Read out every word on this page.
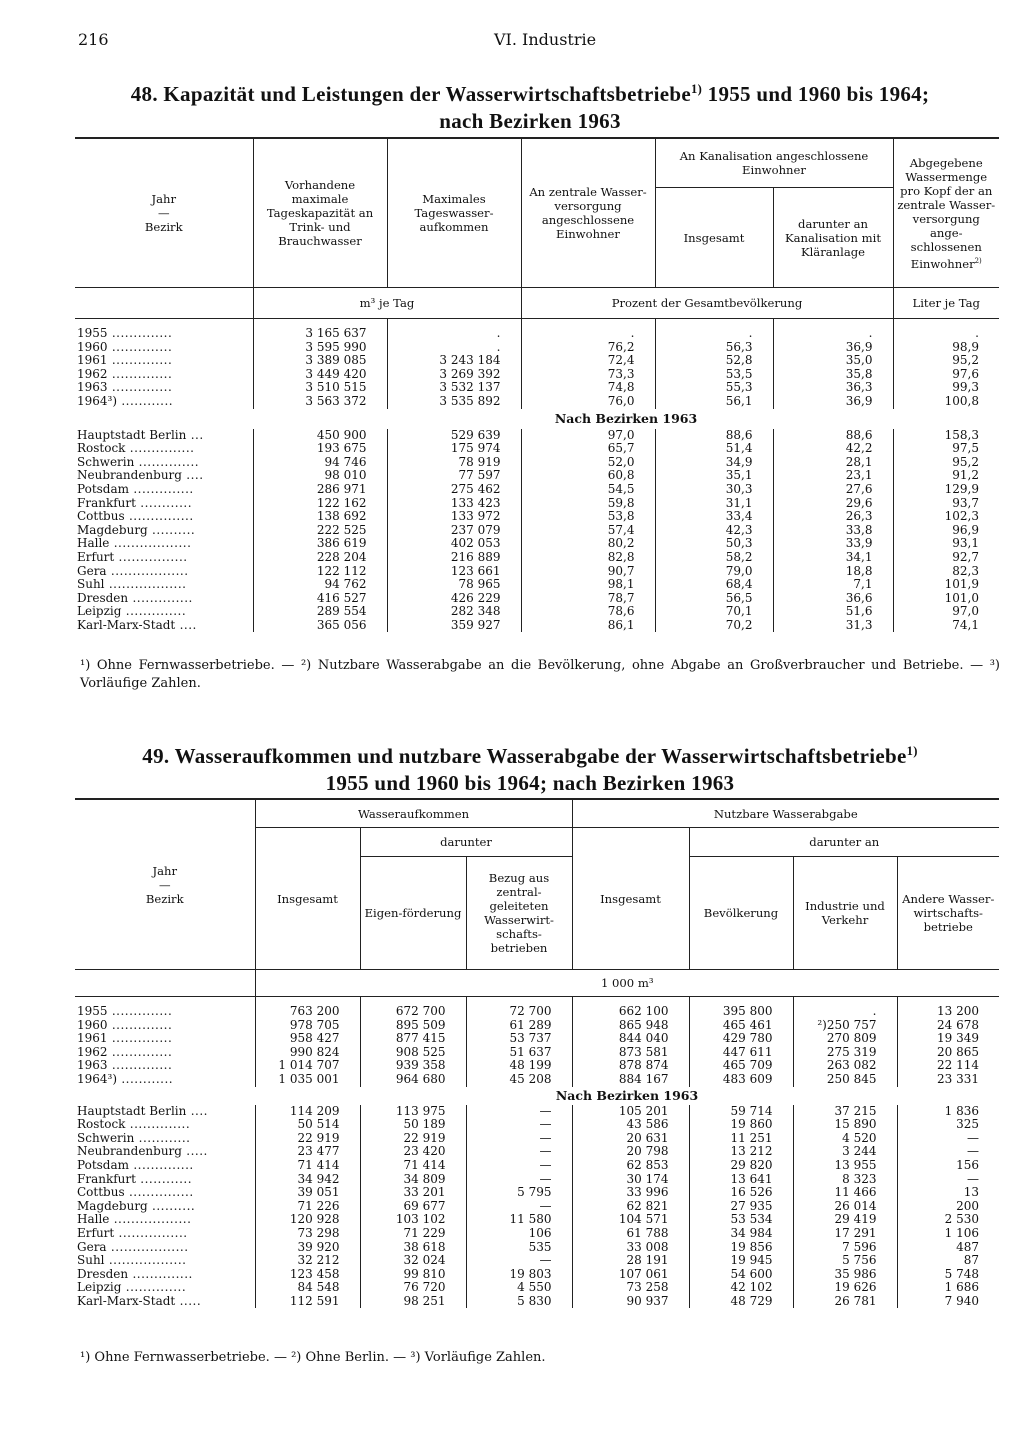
216	VI. Industrie
48. Kapazität und Leistungen der Wasserwirtschaftsbetriebe$^{1)}$ 1955 und 1960 bis 1964;
nach Bezirken 1963
Jahr
—
Bezirk	Vorhandene maximale Tageskapazität an Trink- und Brauchwasser	Maximales Tageswasser-aufkommen	An zentrale Wasser-versorgung angeschlossene Einwohner	An Kanalisation angeschlossene Einwohner		Abgegebene Wassermenge pro Kopf der an zentrale Wasser-versorgung ange-schlossenen Einwohner$^{2)}$
				Insgesamt	darunter an Kanalisation mit Kläranlage	
	m³ je Tag		Prozent der Gesamtbevölkerung			Liter je Tag
1955 ..............	3 165 637	.	.	.	.	.
1960 ..............	3 595 990	.	76,2	56,3	36,9	98,9
1961 ..............	3 389 085	3 243 184	72,4	52,8	35,0	95,2
1962 ..............	3 449 420	3 269 392	73,3	53,5	35,8	97,6
1963 ..............	3 510 515	3 532 137	74,8	55,3	36,3	99,3
1964³) ............	3 563 372	3 535 892	76,0	56,1	36,9	100,8
	Nach Bezirken 1963					
Hauptstadt Berlin ...	450 900	529 639	97,0	88,6	88,6	158,3
Rostock ...............	193 675	175 974	65,7	51,4	42,2	97,5
Schwerin ..............	94 746	78 919	52,0	34,9	28,1	95,2
Neubrandenburg ....	98 010	77 597	60,8	35,1	23,1	91,2
Potsdam ..............	286 971	275 462	54,5	30,3	27,6	129,9
Frankfurt ............	122 162	133 423	59,8	31,1	29,6	93,7
Cottbus ...............	138 692	133 972	53,8	33,4	26,3	102,3
Magdeburg ..........	222 525	237 079	57,4	42,3	33,8	96,9
Halle ..................	386 619	402 053	80,2	50,3	33,9	93,1
Erfurt ................	228 204	216 889	82,8	58,2	34,1	92,7
Gera ..................	122 112	123 661	90,7	79,0	18,8	82,3
Suhl ..................	94 762	78 965	98,1	68,4	7,1	101,9
Dresden ..............	416 527	426 229	78,7	56,5	36,6	101,0
Leipzig ..............	289 554	282 348	78,6	70,1	51,6	97,0
Karl-Marx-Stadt ....	365 056	359 927	86,1	70,2	31,3	74,1
¹) Ohne Fernwasserbetriebe. — ²) Nutzbare Wasserabgabe an die Bevölkerung, ohne Abgabe an Großverbraucher und Betriebe. — ³) Vorläufige Zahlen.
49. Wasseraufkommen und nutzbare Wasserabgabe der Wasserwirtschaftsbetriebe$^{1)}$
1955 und 1960 bis 1964; nach Bezirken 1963
Jahr
—
Bezirk	Wasseraufkommen			Nutzbare Wasserabgabe			
	Insgesamt	darunter		Insgesamt	darunter an		
		Eigen-förderung	Bezug aus zentral-geleiteten Wasserwirt-schafts-betrieben		Bevölkerung	Industrie und Verkehr	Andere Wasser-wirtschafts-betriebe
	1 000 m³						
1955 ..............	763 200	672 700	72 700	662 100	395 800	.	13 200
1960 ..............	978 705	895 509	61 289	865 948	465 461	²)250 757	24 678
1961 ..............	958 427	877 415	53 737	844 040	429 780	270 809	19 349
1962 ..............	990 824	908 525	51 637	873 581	447 611	275 319	20 865
1963 ..............	1 014 707	939 358	48 199	878 874	465 709	263 082	22 114
1964³) ............	1 035 001	964 680	45 208	884 167	483 609	250 845	23 331
	Nach Bezirken 1963						
Hauptstadt Berlin ....	114 209	113 975	—	105 201	59 714	37 215	1 836
Rostock ..............	50 514	50 189	—	43 586	19 860	15 890	325
Schwerin ............	22 919	22 919	—	20 631	11 251	4 520	—
Neubrandenburg .....	23 477	23 420	—	20 798	13 212	3 244	—
Potsdam ..............	71 414	71 414	—	62 853	29 820	13 955	156
Frankfurt ............	34 942	34 809	—	30 174	13 641	8 323	—
Cottbus ...............	39 051	33 201	5 795	33 996	16 526	11 466	13
Magdeburg ..........	71 226	69 677	—	62 821	27 935	26 014	200
Halle ..................	120 928	103 102	11 580	104 571	53 534	29 419	2 530
Erfurt ................	73 298	71 229	106	61 788	34 984	17 291	1 106
Gera ..................	39 920	38 618	535	33 008	19 856	7 596	487
Suhl ..................	32 212	32 024	—	28 191	19 945	5 756	87
Dresden ..............	123 458	99 810	19 803	107 061	54 600	35 986	5 748
Leipzig ..............	84 548	76 720	4 550	73 258	42 102	19 626	1 686
Karl-Marx-Stadt .....	112 591	98 251	5 830	90 937	48 729	26 781	7 940
¹) Ohne Fernwasserbetriebe. — ²) Ohne Berlin. — ³) Vorläufige Zahlen.
